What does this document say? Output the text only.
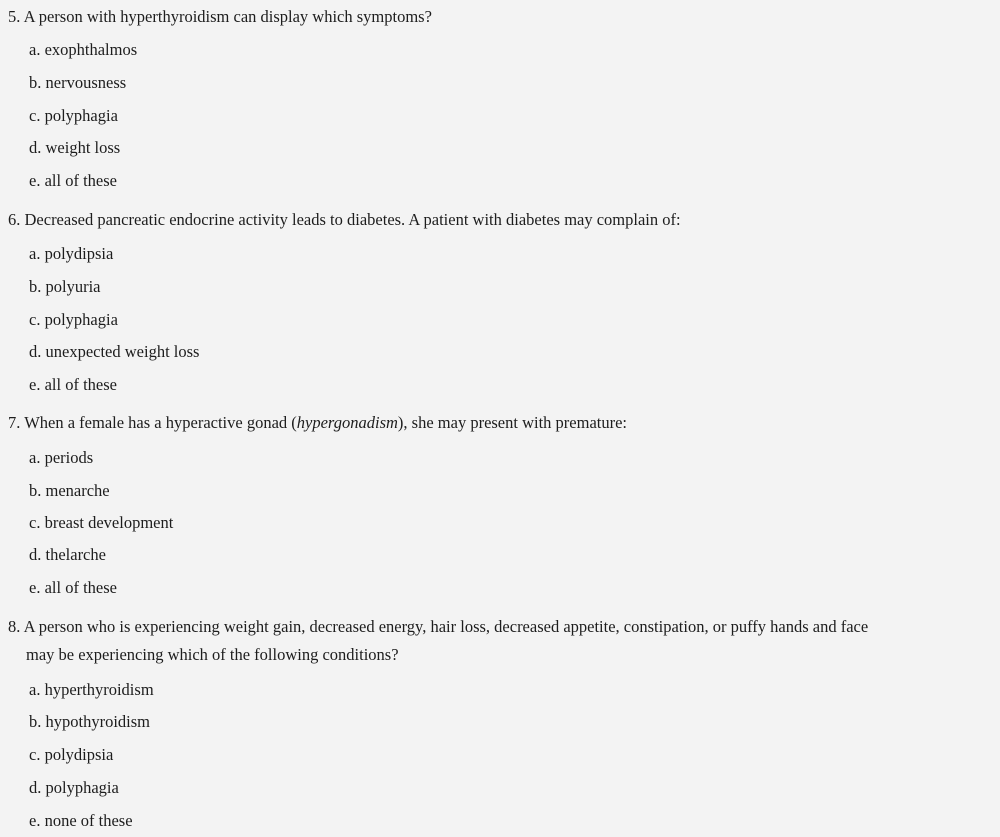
5. A person with hyperthyroidism can display which symptoms?
a. exophthalmos
b. nervousness
c. polyphagia
d. weight loss
e. all of these
6. Decreased pancreatic endocrine activity leads to diabetes. A patient with diabetes may complain of:
a. polydipsia
b. polyuria
c. polyphagia
d. unexpected weight loss
e. all of these
7. When a female has a hyperactive gonad (hypergonadism), she may present with premature:
a. periods
b. menarche
c. breast development
d. thelarche
e. all of these
8. A person who is experiencing weight gain, decreased energy, hair loss, decreased appetite, constipation, or puffy hands and face
may be experiencing which of the following conditions?
a. hyperthyroidism
b. hypothyroidism
c. polydipsia
d. polyphagia
e. none of these
